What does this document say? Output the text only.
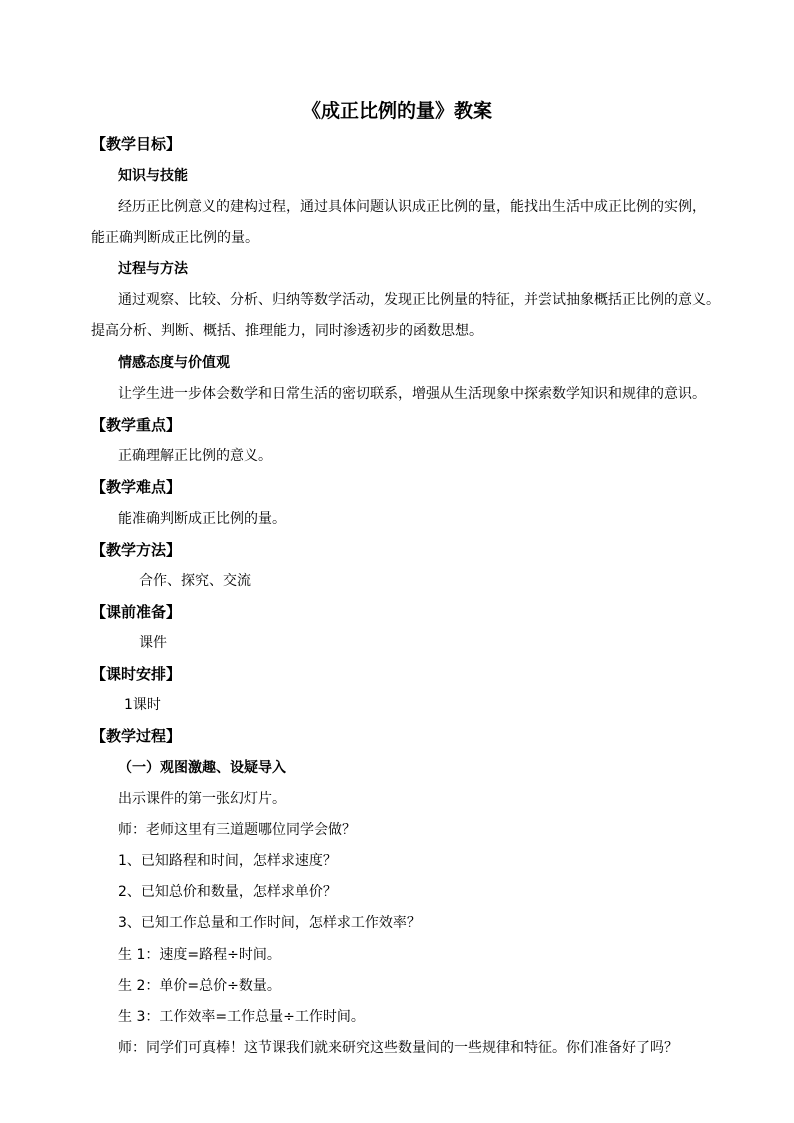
《成正比例的量》教案
【教学目标】
知识与技能
经历正比例意义的建构过程，通过具体问题认识成正比例的量，能找出生活中成正比例的实例，
能正确判断成正比例的量。
过程与方法
通过观察、比较、分析、归纳等数学活动，发现正比例量的特征，并尝试抽象概括正比例的意义。
提高分析、判断、概括、推理能力，同时渗透初步的函数思想。
情感态度与价值观
让学生进一步体会数学和日常生活的密切联系，增强从生活现象中探索数学知识和规律的意识。
【教学重点】
正确理解正比例的意义。
【教学难点】
能准确判断成正比例的量。
【教学方法】
合作、探究、交流
【课前准备】
课件
【课时安排】
1课时
【教学过程】
（一）观图激趣、设疑导入
出示课件的第一张幻灯片。
师：老师这里有三道题哪位同学会做？
1、已知路程和时间，怎样求速度？
2、已知总价和数量，怎样求单价？
3、已知工作总量和工作时间，怎样求工作效率？
生 1：速度=路程÷时间。
生 2：单价=总价÷数量。
生 3：工作效率=工作总量÷工作时间。
师：同学们可真棒！这节课我们就来研究这些数量间的一些规律和特征。你们准备好了吗？
